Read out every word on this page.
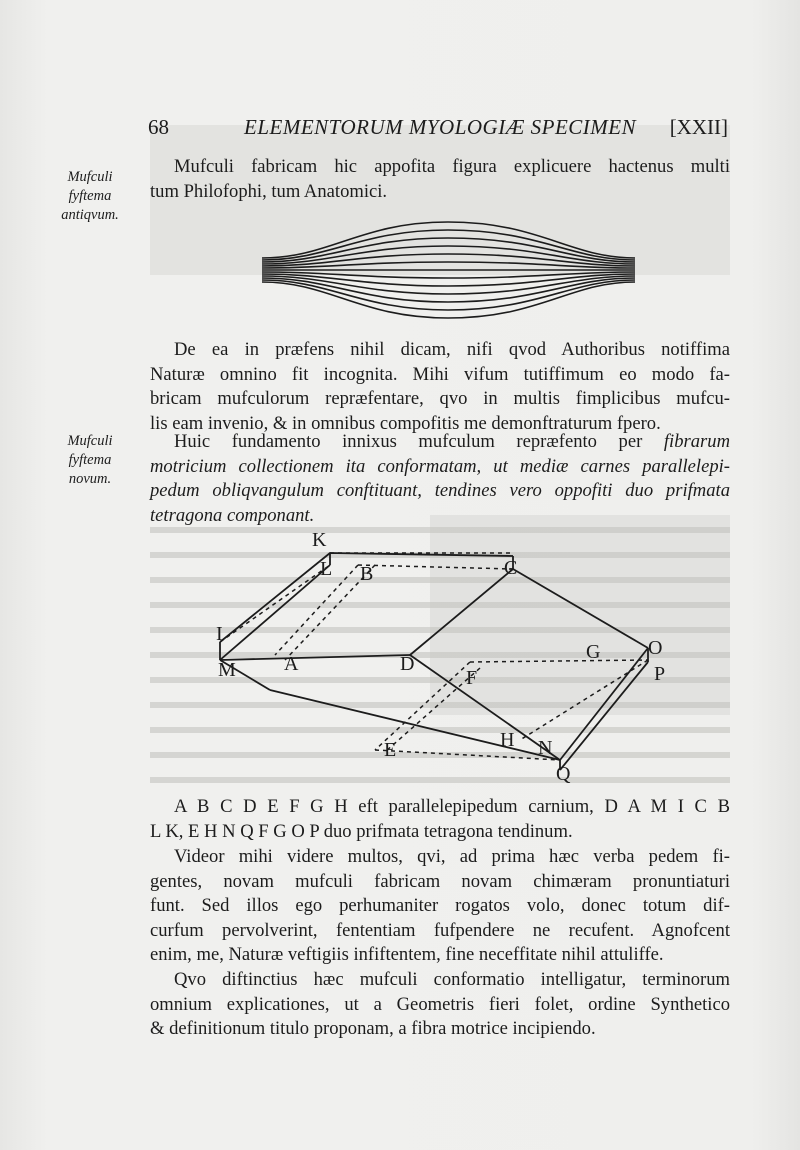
68	ELEMENTORUM MYOLOGIÆ SPECIMEN [XXII]
Mufculi
fyftema
antiqvum.
Mufculi fabricam hic appofita figura explicuere hactenus multi
tum Philofophi, tum Anatomici.
De ea in præfens nihil dicam, nifi qvod Authoribus notiffima
Naturæ omnino fit incognita. Mihi vifum tutiffimum eo modo fa-
bricam mufculorum repræfentare, qvo in multis fimplicibus mufcu-
lis eam invenio, & in omnibus compofitis me demonftraturum fpero.
Mufculi
fyftema
novum.
Huic fundamento innixus mufculum repræfento per fibrarum
motricium collectionem ita conformatam, ut mediæ carnes parallelepi-
pedum obliqvangulum conftituant, tendines vero oppofiti duo prifmata
tetragona componant.
K
L B	C
I
M A	D
G O
F	P
E	H N
Q
A B C D E F G H eft parallelepipedum carnium, D A M I C B
L K, E H N Q F G O P duo prifmata tetragona tendinum.
Videor mihi videre multos, qvi, ad prima hæc verba pedem fi-
gentes, novam mufculi fabricam novam chimæram pronuntiaturi
funt. Sed illos ego perhumaniter rogatos volo, donec totum dif-
curfum pervolverint, fententiam fufpendere ne recufent. Agnofcent
enim, me, Naturæ veftigiis infiftentem, fine neceffitate nihil attuliffe.
Qvo diftinctius hæc mufculi conformatio intelligatur, terminorum
omnium explicationes, ut a Geometris fieri folet, ordine Synthetico
& definitionum titulo proponam, a fibra motrice incipiendo.
